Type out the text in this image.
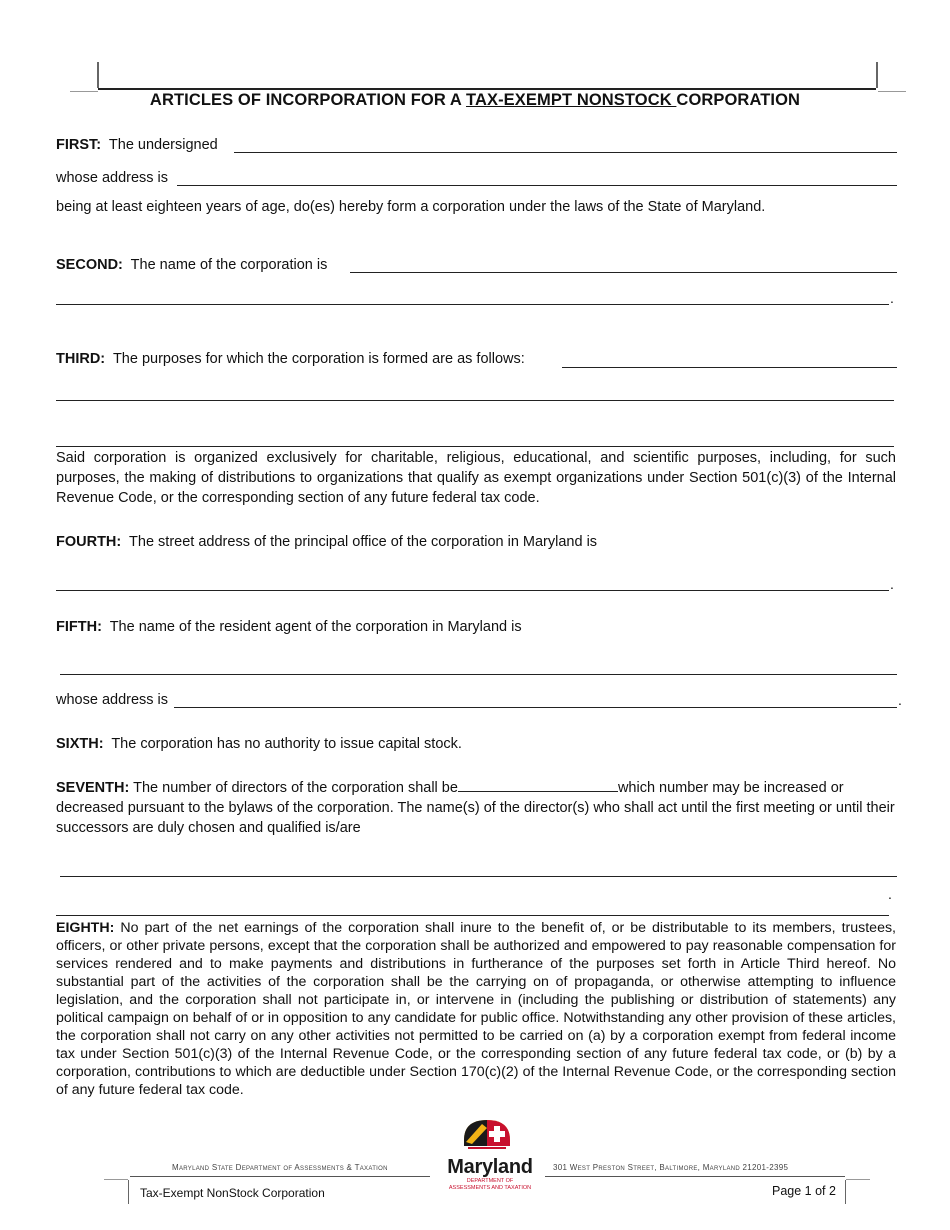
ARTICLES OF INCORPORATION FOR A TAX-EXEMPT NONSTOCK CORPORATION
FIRST: The undersigned
whose address is
being at least eighteen years of age, do(es) hereby form a corporation under the laws of the State of Maryland.
SECOND: The name of the corporation is
.
THIRD: The purposes for which the corporation is formed are as follows:
Said corporation is organized exclusively for charitable, religious, educational, and scientific purposes, including, for such purposes, the making of distributions to organizations that qualify as exempt organizations under Section 501(c)(3) of the Internal Revenue Code, or the corresponding section of any future federal tax code.
FOURTH: The street address of the principal office of the corporation in Maryland is
.
FIFTH: The name of the resident agent of the corporation in Maryland is
whose address is	.
SIXTH: The corporation has no authority to issue capital stock.
SEVENTH: The number of directors of the corporation shall be	which number may be increased or decreased pursuant to the bylaws of the corporation. The name(s) of the director(s) who shall act until the first meeting or until their successors are duly chosen and qualified is/are
.
EIGHTH: No part of the net earnings of the corporation shall inure to the benefit of, or be distributable to its members, trustees, officers, or other private persons, except that the corporation shall be authorized and empowered to pay reasonable compensation for services rendered and to make payments and distributions in furtherance of the purposes set forth in Article Third hereof. No substantial part of the activities of the corporation shall be the carrying on of propaganda, or otherwise attempting to influence legislation, and the corporation shall not participate in, or intervene in (including the publishing or distribution of statements) any political campaign on behalf of or in opposition to any candidate for public office. Notwithstanding any other provision of these articles, the corporation shall not carry on any other activities not permitted to be carried on (a) by a corporation exempt from federal income tax under Section 501(c)(3) of the Internal Revenue Code, or the corresponding section of any future federal tax code, or (b) by a corporation, contributions to which are deductible under Section 170(c)(2) of the Internal Revenue Code, or the corresponding section of any future federal tax code.
Maryland State Department of Assessments & Taxation	Maryland
DEPARTMENT OF
ASSESSMENTS AND TAXATION
301 West Preston Street, Baltimore, Maryland 21201-2395
Tax-Exempt NonStock Corporation	Page 1 of 2
